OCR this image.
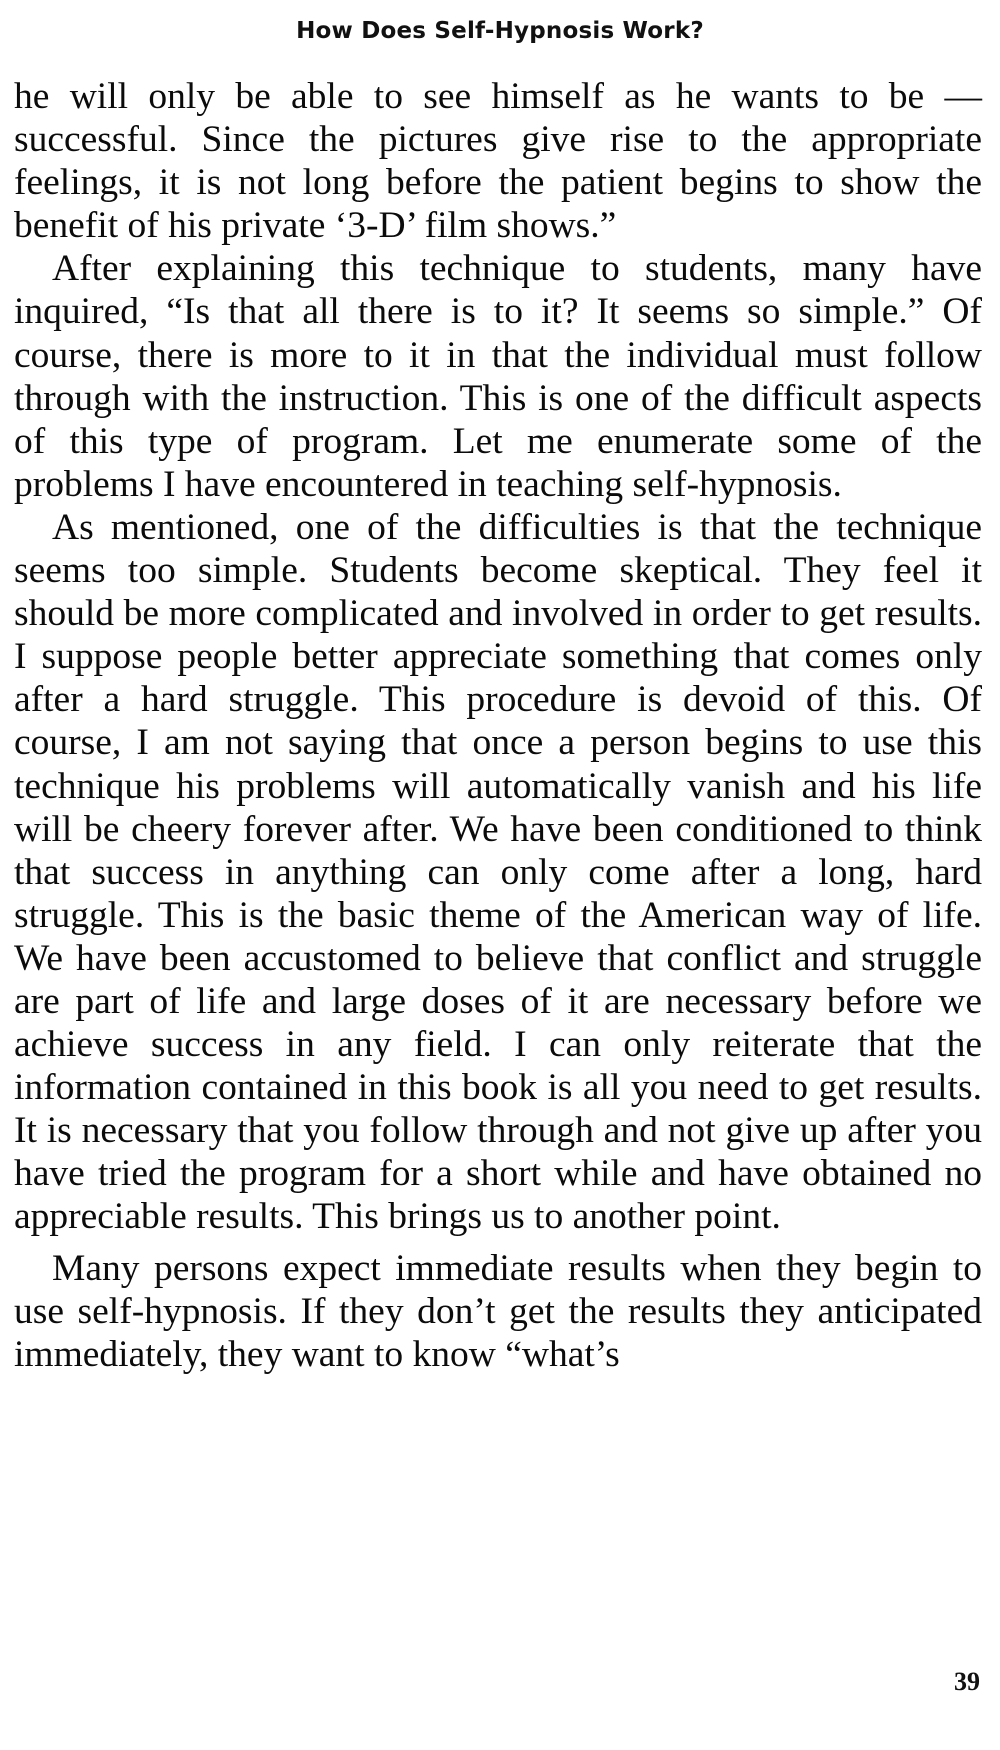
How Does Self-Hypnosis Work?

he will only be able to see himself as he wants to be — successful. Since the pictures give rise to the appropriate feelings, it is not long before the patient begins to show the benefit of his private ‘3-D’ film shows.”

After explaining this technique to students, many have inquired, “Is that all there is to it? It seems so simple.” Of course, there is more to it in that the individual must follow through with the instruction. This is one of the difficult aspects of this type of program. Let me enumerate some of the problems I have encountered in teaching self-hypnosis.

As mentioned, one of the difficulties is that the technique seems too simple. Students become skeptical. They feel it should be more complicated and involved in order to get results. I suppose people better appreciate something that comes only after a hard struggle. This procedure is devoid of this. Of course, I am not saying that once a person begins to use this technique his problems will automatically vanish and his life will be cheery forever after. We have been conditioned to think that success in anything can only come after a long, hard struggle. This is the basic theme of the American way of life. We have been accustomed to believe that conflict and struggle are part of life and large doses of it are necessary before we achieve success in any field. I can only reiterate that the information contained in this book is all you need to get results. It is necessary that you follow through and not give up after you have tried the program for a short while and have obtained no appreciable results. This brings us to another point.

Many persons expect immediate results when they begin to use self-hypnosis. If they don’t get the results they anticipated immediately, they want to know “what’s

39
